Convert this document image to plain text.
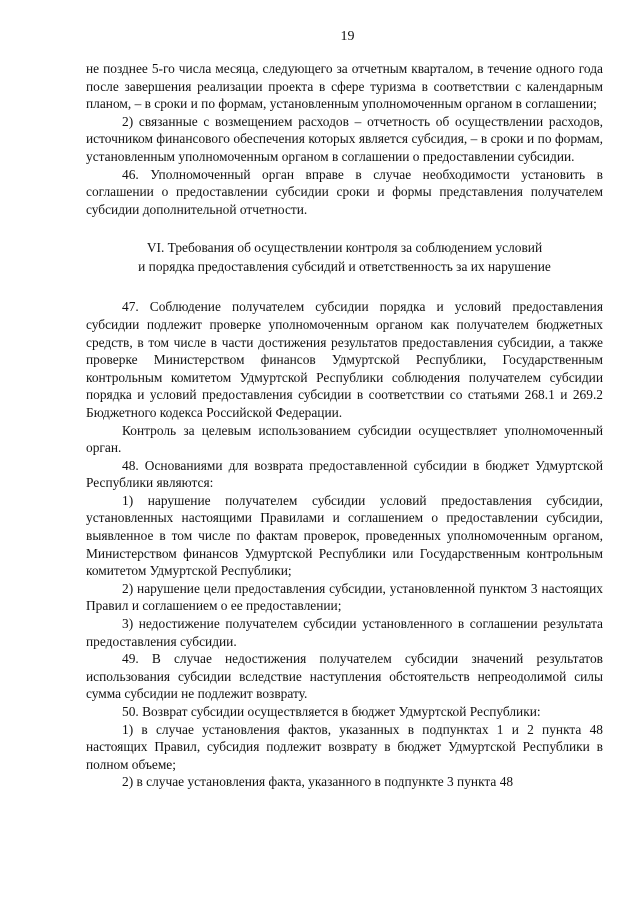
19

не позднее 5-го числа месяца, следующего за отчетным кварталом, в течение одного года после завершения реализации проекта в сфере туризма в соответствии с календарным планом, – в сроки и по формам, установленным уполномоченным органом в соглашении;

2) связанные с возмещением расходов – отчетность об осуществлении расходов, источником финансового обеспечения которых является субсидия, – в сроки и по формам, установленным уполномоченным органом в соглашении о предоставлении субсидии.

46. Уполномоченный орган вправе в случае необходимости установить в соглашении о предоставлении субсидии сроки и формы представления получателем субсидии дополнительной отчетности.

VI. Требования об осуществлении контроля за соблюдением условий
и порядка предоставления субсидий и ответственность за их нарушение

47. Соблюдение получателем субсидии порядка и условий предоставления субсидии подлежит проверке уполномоченным органом как получателем бюджетных средств, в том числе в части достижения результатов предоставления субсидии, а также проверке Министерством финансов Удмуртской Республики, Государственным контрольным комитетом Удмуртской Республики соблюдения получателем субсидии порядка и условий предоставления субсидии в соответствии со статьями 268.1 и 269.2 Бюджетного кодекса Российской Федерации.

Контроль за целевым использованием субсидии осуществляет уполномоченный орган.

48. Основаниями для возврата предоставленной субсидии в бюджет Удмуртской Республики являются:

1) нарушение получателем субсидии условий предоставления субсидии, установленных настоящими Правилами и соглашением о предоставлении субсидии, выявленное в том числе по фактам проверок, проведенных уполномоченным органом, Министерством финансов Удмуртской Республики или Государственным контрольным комитетом Удмуртской Республики;

2) нарушение цели предоставления субсидии, установленной пунктом 3 настоящих Правил и соглашением о ее предоставлении;

3) недостижение получателем субсидии установленного в соглашении результата предоставления субсидии.

49. В случае недостижения получателем субсидии значений результатов использования субсидии вследствие наступления обстоятельств непреодолимой силы сумма субсидии не подлежит возврату.

50. Возврат субсидии осуществляется в бюджет Удмуртской Республики:

1) в случае установления фактов, указанных в подпунктах 1 и 2 пункта 48 настоящих Правил, субсидия подлежит возврату в бюджет Удмуртской Республики в полном объеме;

2) в случае установления факта, указанного в подпункте 3 пункта 48
